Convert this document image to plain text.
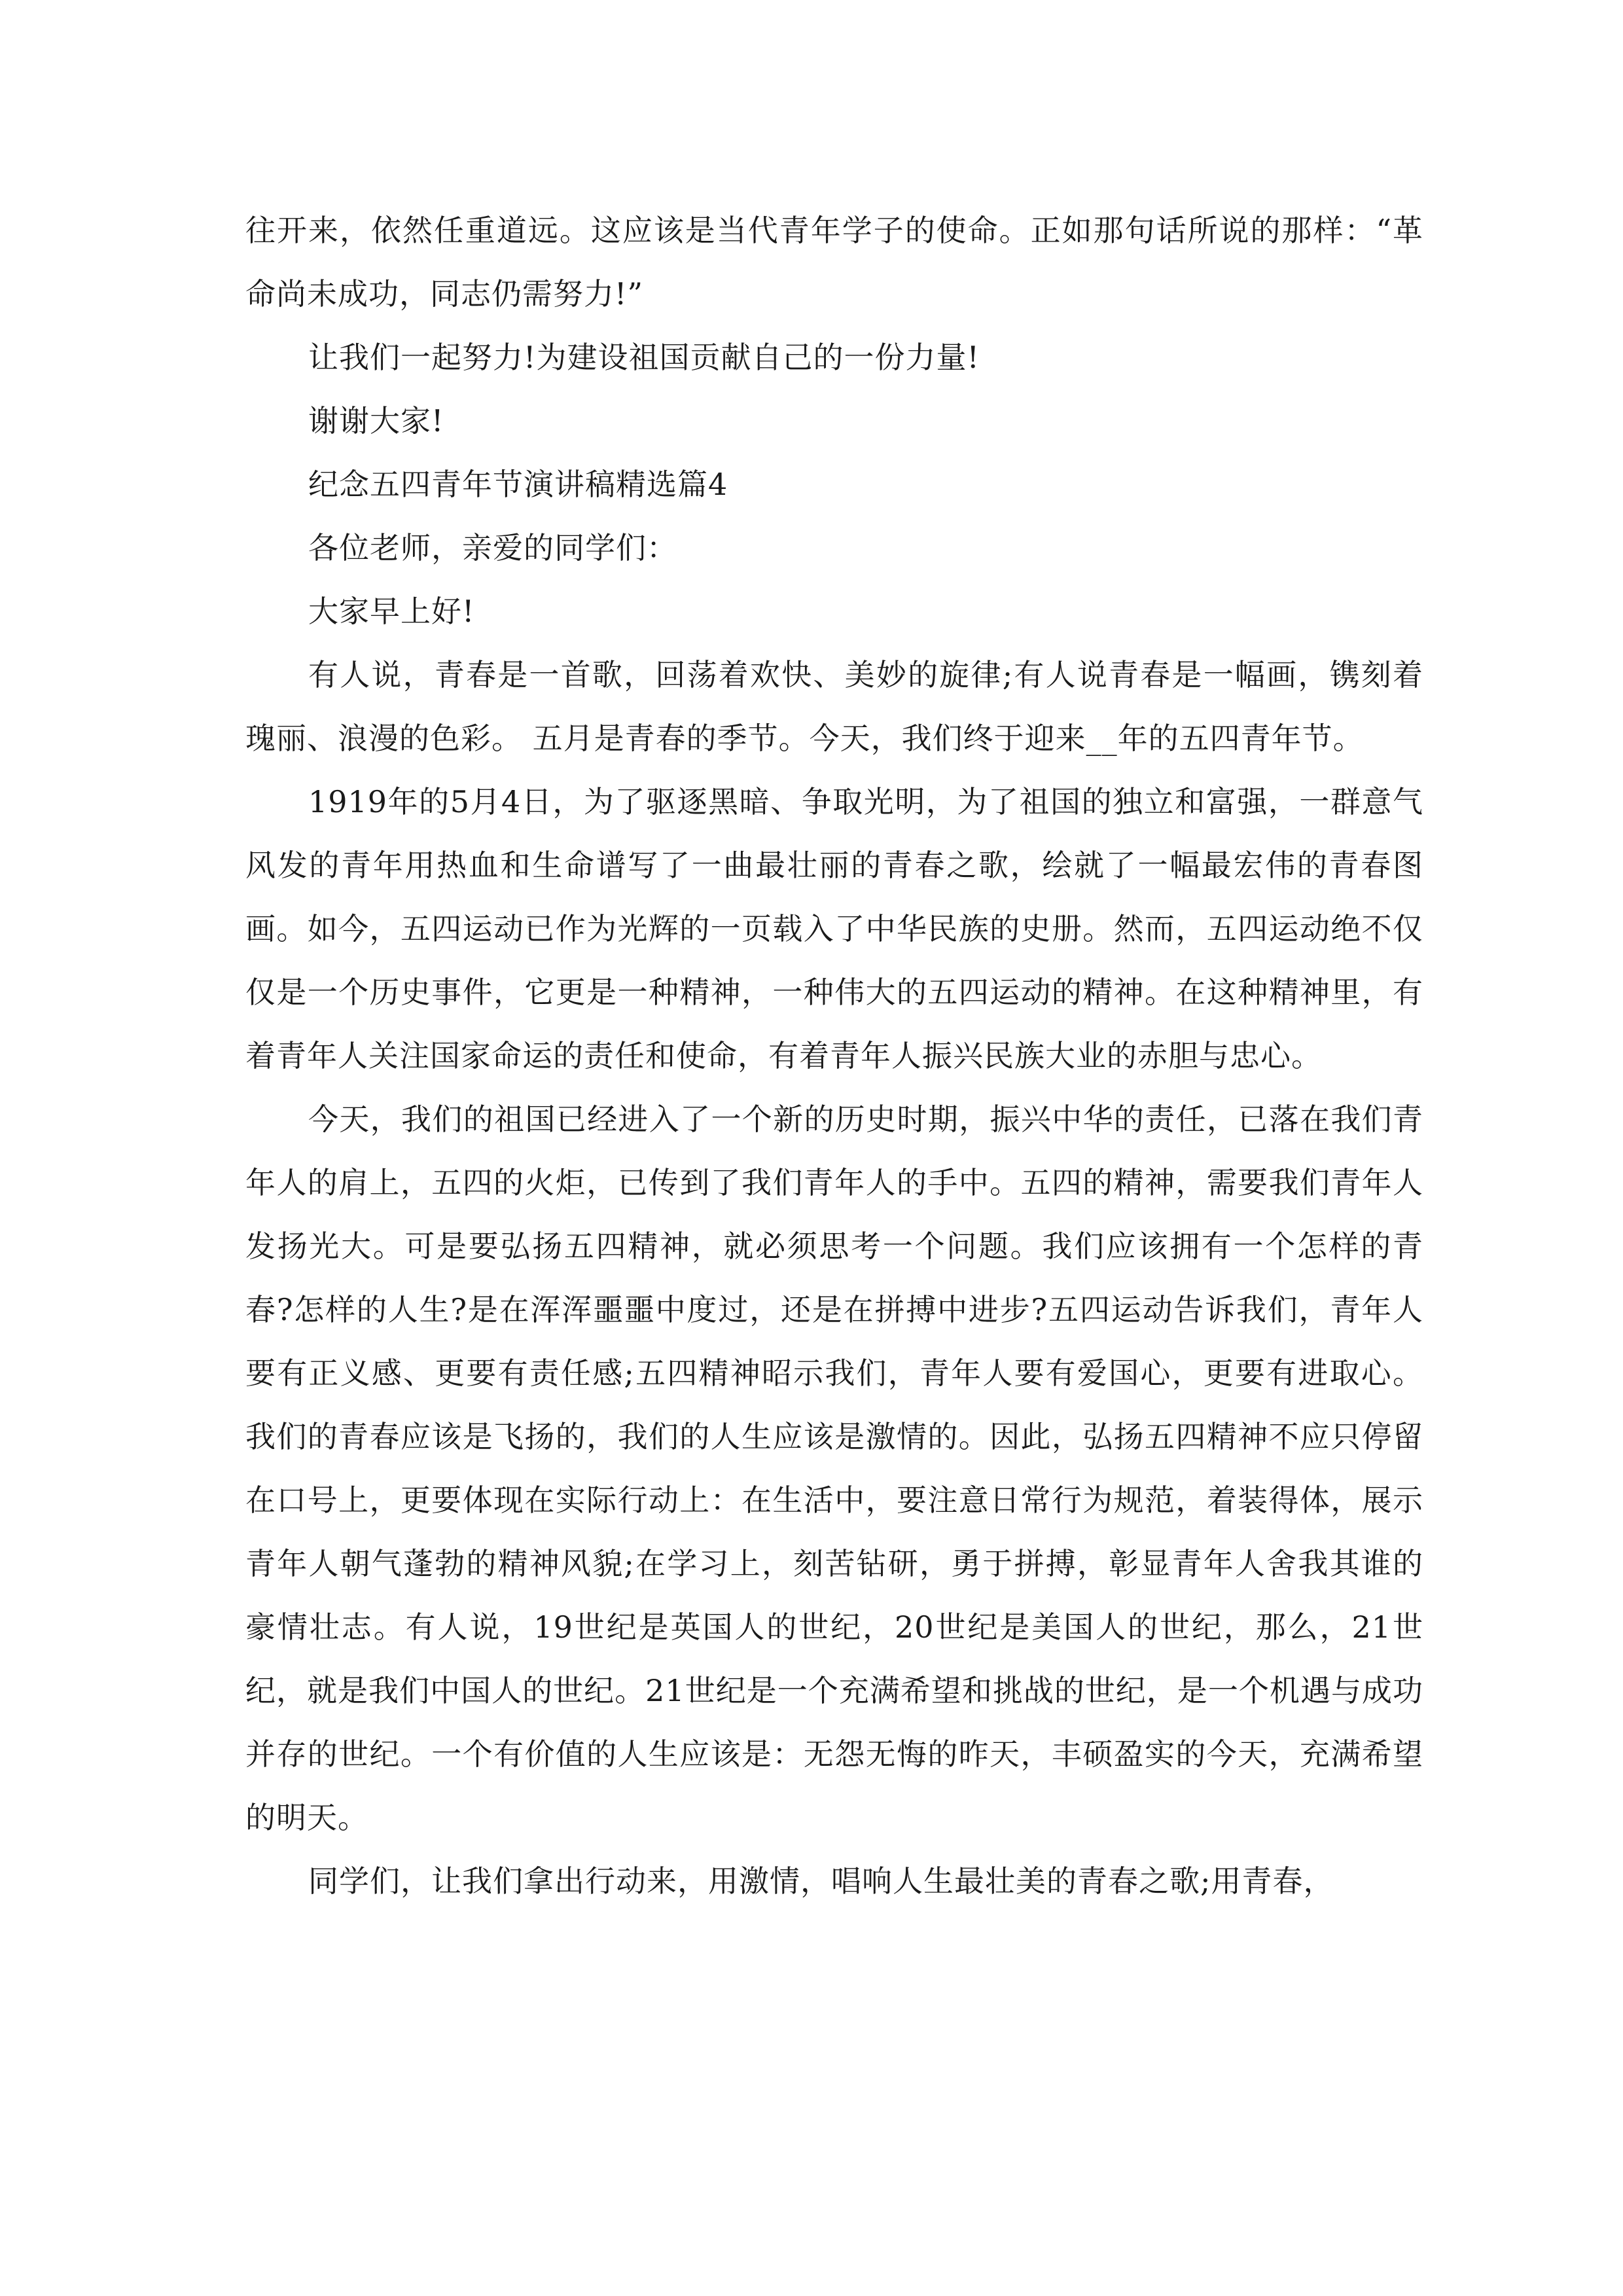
往开来，依然任重道远。这应该是当代青年学子的使命。正如那句话所说的那样：“革命尚未成功，同志仍需努力!”

让我们一起努力!为建设祖国贡献自己的一份力量!

谢谢大家!

纪念五四青年节演讲稿精选篇4

各位老师，亲爱的同学们：

大家早上好!

有人说，青春是一首歌，回荡着欢快、美妙的旋律;有人说青春是一幅画，镌刻着瑰丽、浪漫的色彩。 五月是青春的季节。今天，我们终于迎来__年的五四青年节。

1919年的5月4日，为了驱逐黑暗、争取光明，为了祖国的独立和富强，一群意气风发的青年用热血和生命谱写了一曲最壮丽的青春之歌，绘就了一幅最宏伟的青春图画。如今，五四运动已作为光辉的一页载入了中华民族的史册。然而，五四运动绝不仅仅是一个历史事件，它更是一种精神，一种伟大的五四运动的精神。在这种精神里，有着青年人关注国家命运的责任和使命，有着青年人振兴民族大业的赤胆与忠心。

今天，我们的祖国已经进入了一个新的历史时期，振兴中华的责任，已落在我们青年人的肩上，五四的火炬，已传到了我们青年人的手中。五四的精神，需要我们青年人发扬光大。可是要弘扬五四精神，就必须思考一个问题。我们应该拥有一个怎样的青春?怎样的人生?是在浑浑噩噩中度过，还是在拼搏中进步?五四运动告诉我们，青年人要有正义感、更要有责任感;五四精神昭示我们，青年人要有爱国心，更要有进取心。我们的青春应该是飞扬的，我们的人生应该是激情的。因此，弘扬五四精神不应只停留在口号上，更要体现在实际行动上：在生活中，要注意日常行为规范，着装得体，展示青年人朝气蓬勃的精神风貌;在学习上，刻苦钻研，勇于拼搏，彰显青年人舍我其谁的豪情壮志。有人说，19世纪是英国人的世纪，20世纪是美国人的世纪，那么，21世纪，就是我们中国人的世纪。21世纪是一个充满希望和挑战的世纪，是一个机遇与成功并存的世纪。一个有价值的人生应该是：无怨无悔的昨天，丰硕盈实的今天，充满希望的明天。

同学们，让我们拿出行动来，用激情，唱响人生最壮美的青春之歌;用青春，
